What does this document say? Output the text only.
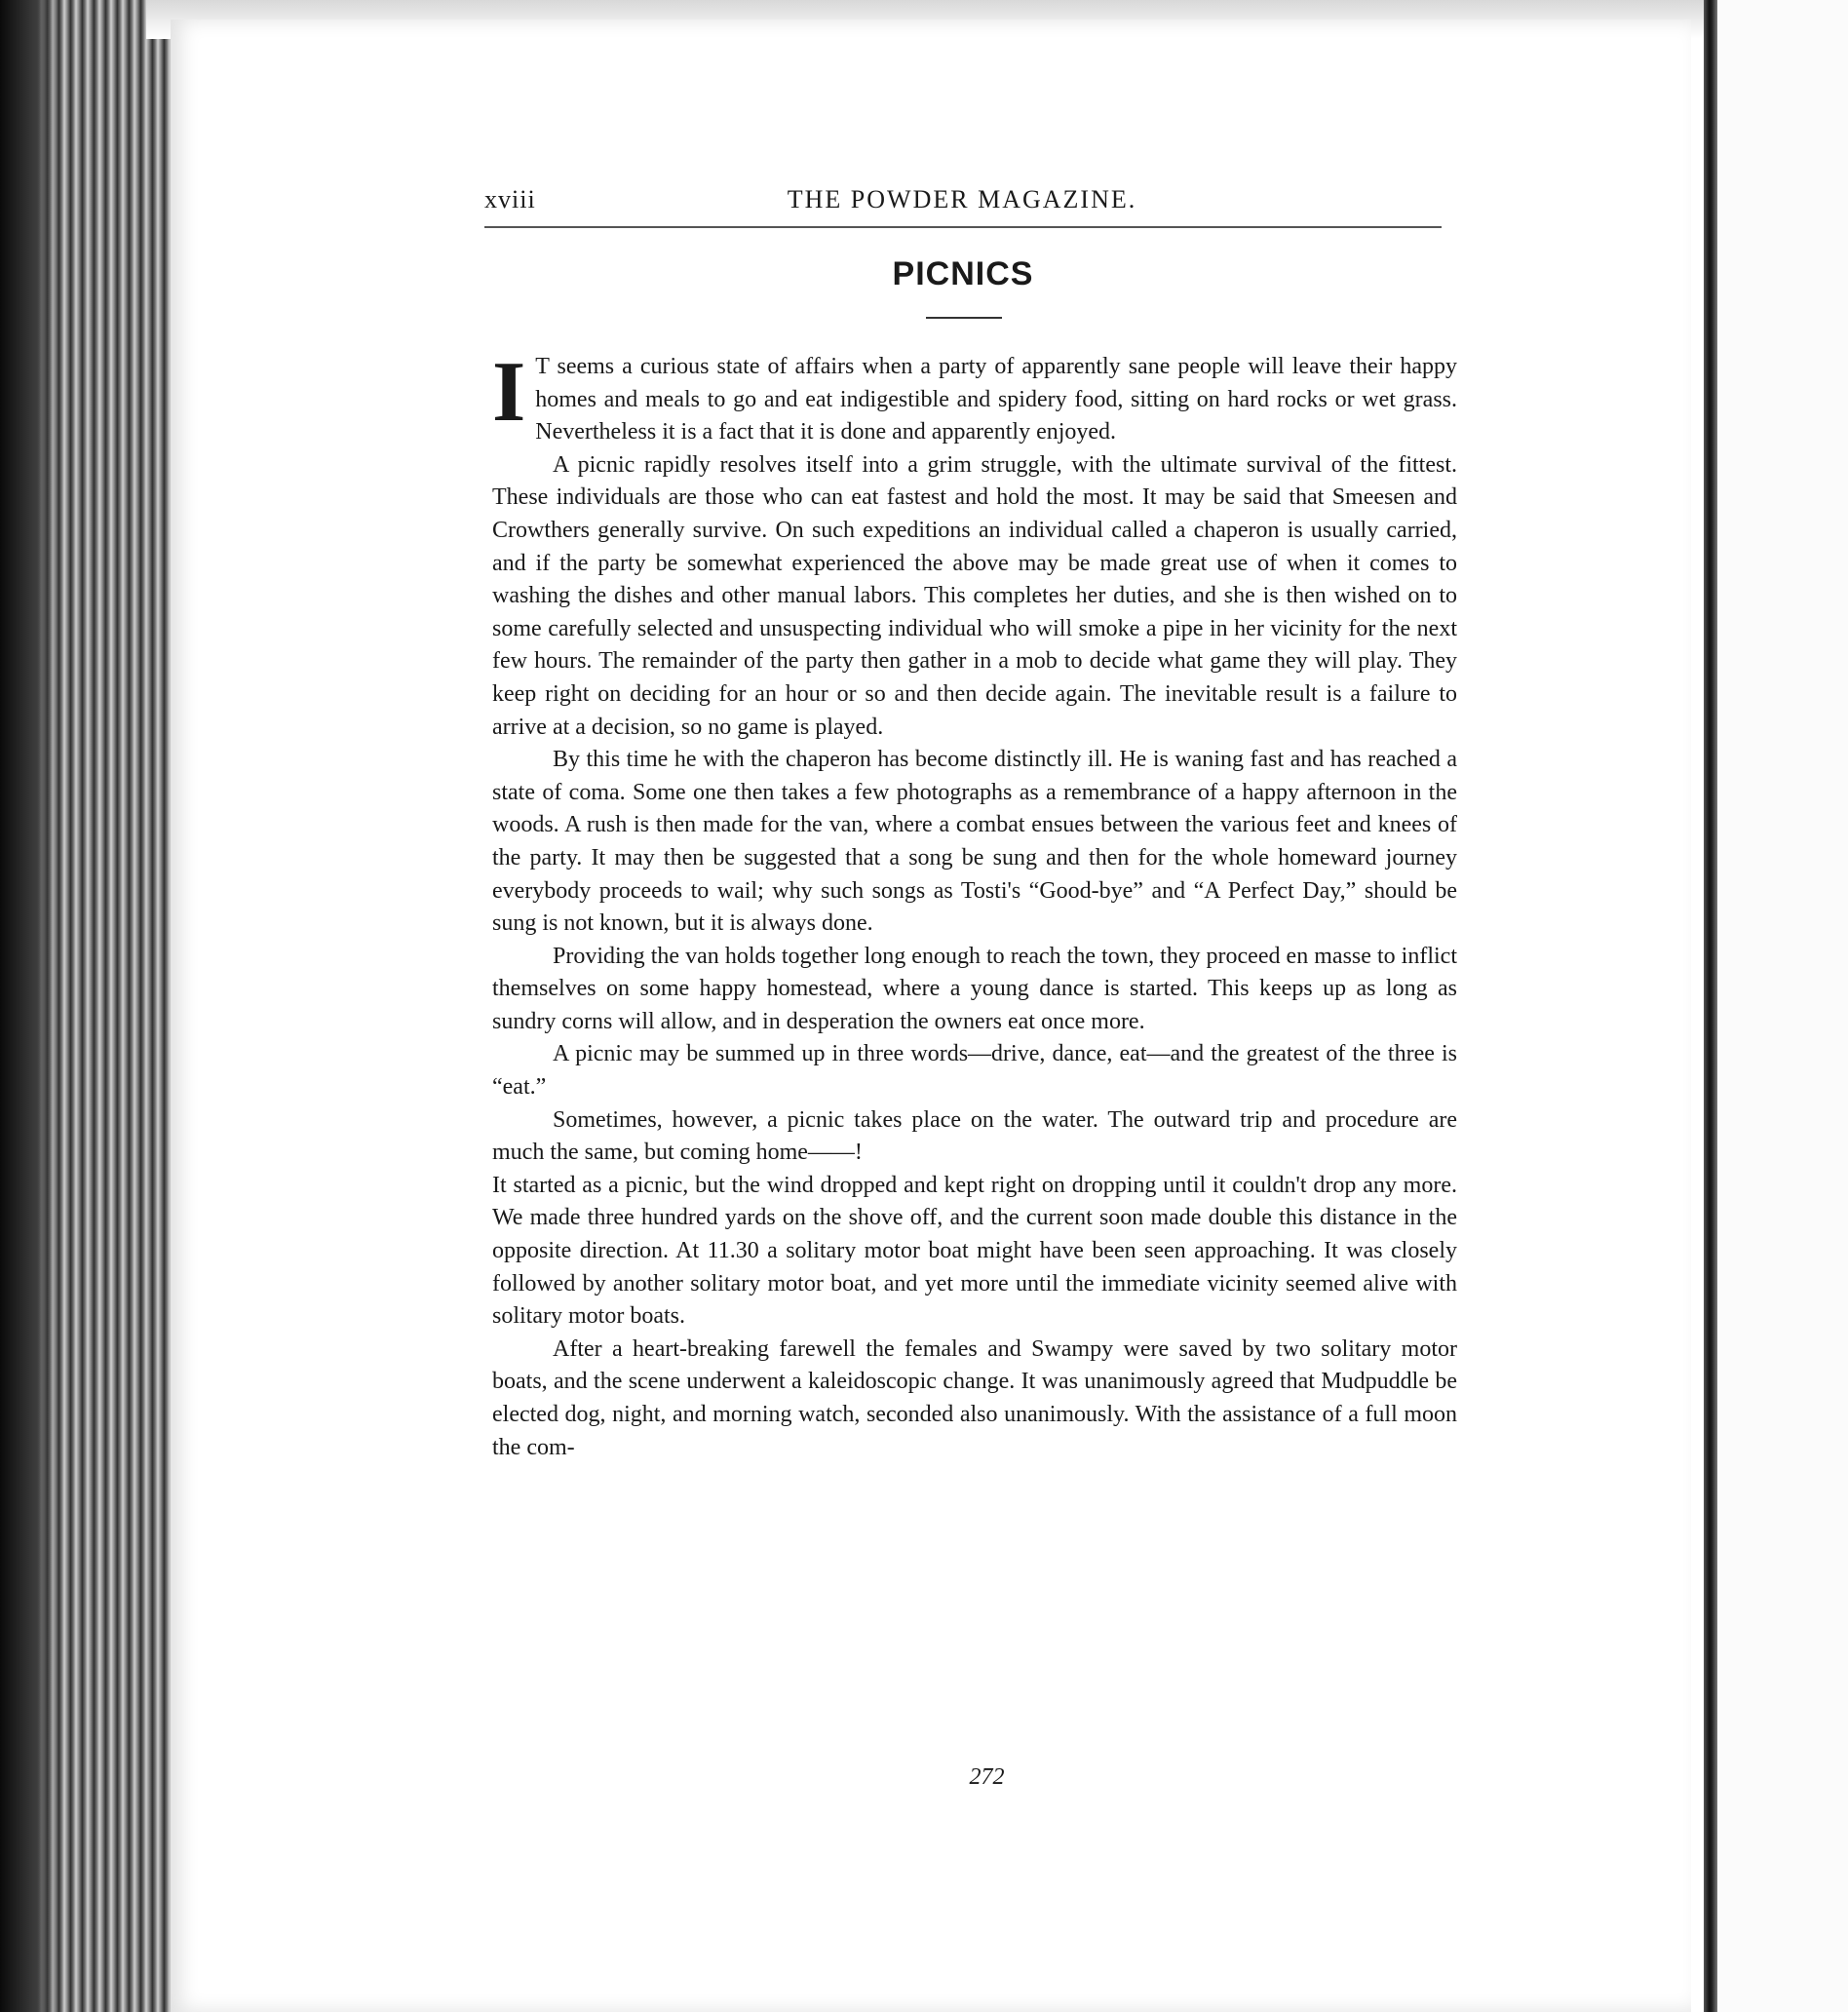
xviii	THE POWDER MAGAZINE.
PICNICS

I T seems a curious state of affairs when a party of apparently sane people will leave their happy homes and meals to go and eat indigestible and spidery food, sitting on hard rocks or wet grass. Nevertheless it is a fact that it is done and apparently enjoyed.

A picnic rapidly resolves itself into a grim struggle, with the ultimate survival of the fittest. These individuals are those who can eat fastest and hold the most. It may be said that Smeesen and Crowthers generally survive. On such expeditions an individual called a chaperon is usually carried, and if the party be somewhat experienced the above may be made great use of when it comes to washing the dishes and other manual labors. This completes her duties, and she is then wished on to some carefully selected and unsuspecting individual who will smoke a pipe in her vicinity for the next few hours. The remainder of the party then gather in a mob to decide what game they will play. They keep right on deciding for an hour or so and then decide again. The inevitable result is a failure to arrive at a decision, so no game is played.

By this time he with the chaperon has become distinctly ill. He is waning fast and has reached a state of coma. Some one then takes a few photographs as a remembrance of a happy afternoon in the woods. A rush is then made for the van, where a combat ensues between the various feet and knees of the party. It may then be suggested that a song be sung and then for the whole homeward journey everybody proceeds to wail; why such songs as Tosti's “Good-bye” and “A Perfect Day,” should be sung is not known, but it is always done.

Providing the van holds together long enough to reach the town, they proceed en masse to inflict themselves on some happy homestead, where a young dance is started. This keeps up as long as sundry corns will allow, and in desperation the owners eat once more.

A picnic may be summed up in three words—drive, dance, eat—and the greatest of the three is “eat.”

Sometimes, however, a picnic takes place on the water. The outward trip and procedure are much the same, but coming home——!

It started as a picnic, but the wind dropped and kept right on dropping until it couldn't drop any more. We made three hundred yards on the shove off, and the current soon made double this distance in the opposite direction. At 11.30 a solitary motor boat might have been seen approaching. It was closely followed by another solitary motor boat, and yet more until the immediate vicinity seemed alive with solitary motor boats.

After a heart-breaking farewell the females and Swampy were saved by two solitary motor boats, and the scene underwent a kaleidoscopic change. It was unanimously agreed that Mudpuddle be elected dog, night, and morning watch, seconded also unanimously. With the assistance of a full moon the com-

272
